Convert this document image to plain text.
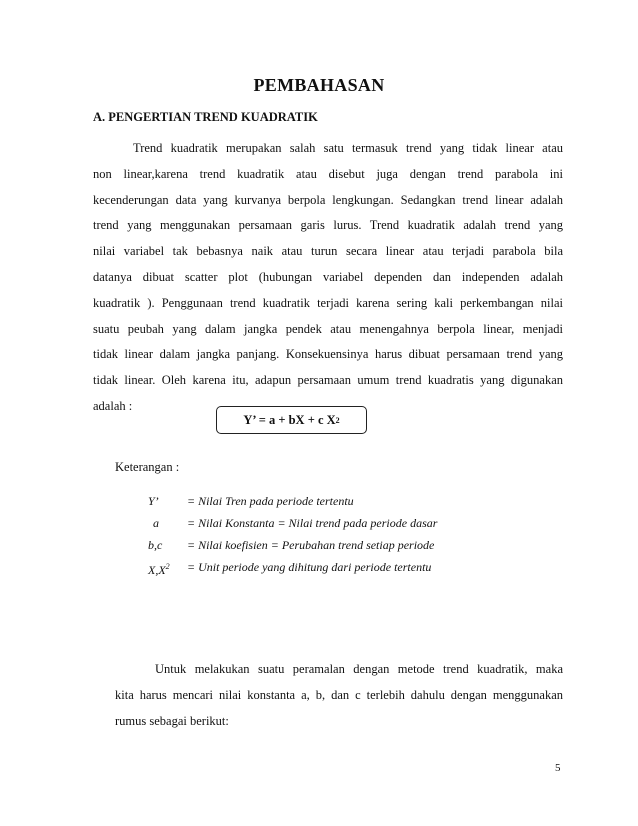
PEMBAHASAN
A. PENGERTIAN TREND KUADRATIK
Trend kuadratik merupakan salah satu termasuk trend yang tidak linear atau
non linear,karena trend kuadratik atau disebut juga dengan trend parabola ini
kecenderungan data yang kurvanya berpola lengkungan. Sedangkan trend linear adalah
trend yang menggunakan persamaan garis lurus. Trend kuadratik adalah trend yang
nilai variabel tak bebasnya naik atau turun secara linear atau terjadi parabola bila
datanya dibuat scatter plot (hubungan variabel dependen dan independen adalah
kuadratik ). Penggunaan trend kuadratik terjadi karena sering kali perkembangan nilai
suatu peubah yang dalam jangka pendek atau menengahnya berpola linear, menjadi
tidak linear dalam jangka panjang. Konsekuensinya harus dibuat persamaan trend yang
tidak linear. Oleh karena itu, adapun persamaan umum trend kuadratis yang digunakan
adalah :
Y’ = a + bX + c X 2
Keterangan :
Y’	= Nilai Tren pada periode tertentu
a	= Nilai Konstanta = Nilai trend pada periode dasar
b,c	= Nilai koefisien = Perubahan trend setiap periode
$X,X^2$	= Unit periode yang dihitung dari periode tertentu
Untuk melakukan suatu peramalan dengan metode trend kuadratik, maka
kita harus mencari nilai konstanta a, b, dan c terlebih dahulu dengan menggunakan
rumus sebagai berikut:
5
